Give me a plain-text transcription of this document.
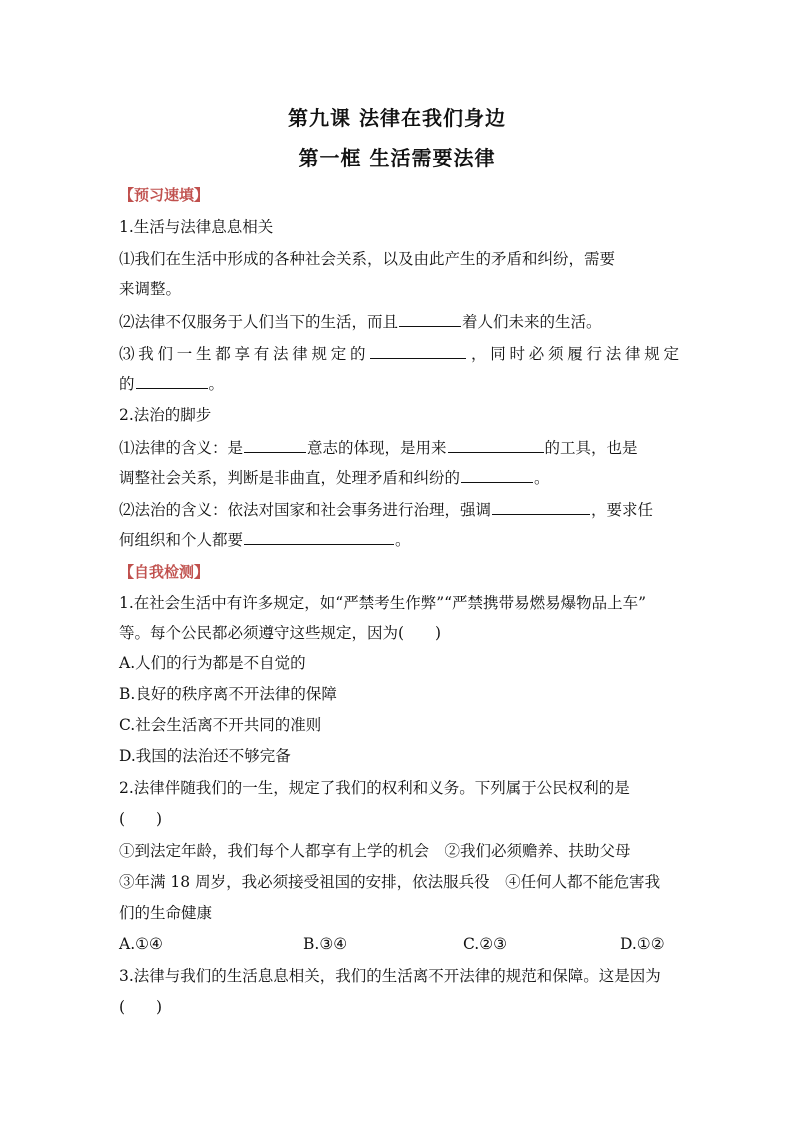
第九课 法律在我们身边
第一框 生活需要法律
【预习速填】
1.生活与法律息息相关
⑴我们在生活中形成的各种社会关系，以及由此产生的矛盾和纠纷，需要
来调整。
⑵法律不仅服务于人们当下的生活，而且	着人们未来的生活。
⑶我们一生都享有法律规定的	，同时必须履行法律规定
的	。
2.法治的脚步
⑴法律的含义：是	意志的体现，是用来	的工具，也是
调整社会关系，判断是非曲直，处理矛盾和纠纷的	。
⑵法治的含义：依法对国家和社会事务进行治理，强调	，要求任
何组织和个人都要	。
【自我检测】
1.在社会生活中有许多规定，如“严禁考生作弊”“严禁携带易燃易爆物品上车”
等。每个公民都必须遵守这些规定，因为(　　)
A.人们的行为都是不自觉的
B.良好的秩序离不开法律的保障
C.社会生活离不开共同的准则
D.我国的法治还不够完备
2.法律伴随我们的一生，规定了我们的权利和义务。下列属于公民权利的是
(　　)
①到法定年龄，我们每个人都享有上学的机会　②我们必须赡养、扶助父母
③年满 18 周岁，我必须接受祖国的安排，依法服兵役　④任何人都不能危害我
们的生命健康
A.①④	B.③④	C.②③	D.①②
3.法律与我们的生活息息相关，我们的生活离不开法律的规范和保障。这是因为
(　　)
